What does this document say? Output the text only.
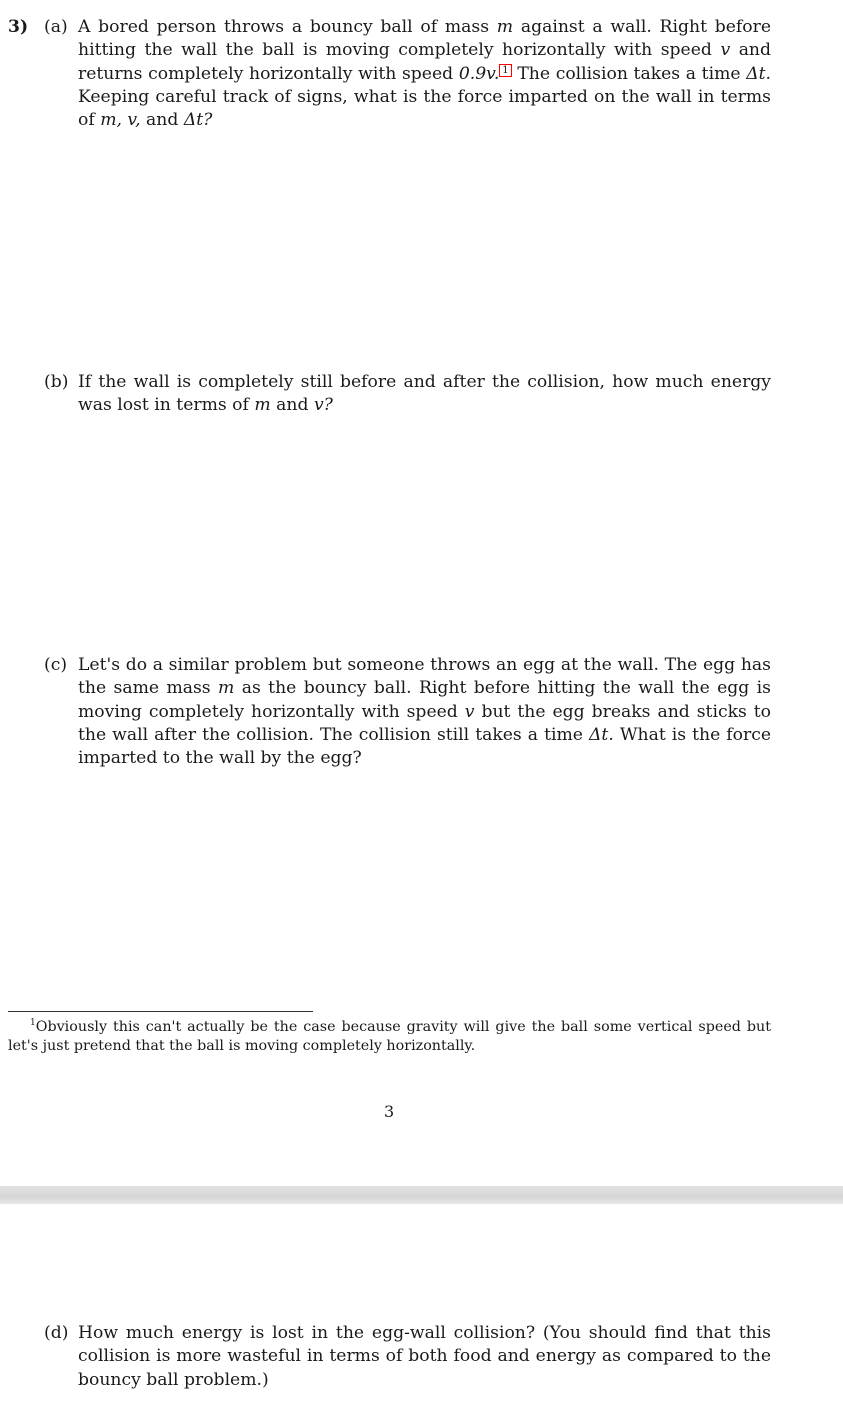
3) (a) A bored person throws a bouncy ball of mass m against a wall. Right before hitting the wall the ball is moving completely horizontally with speed v and returns completely horizontally with speed 0.9v. 1 The collision takes a time Δt. Keeping careful track of signs, what is the force imparted on the wall in terms of m, v, and Δt?
(b) If the wall is completely still before and after the collision, how much energy was lost in terms of m and v?
(c) Let's do a similar problem but someone throws an egg at the wall. The egg has the same mass m as the bouncy ball. Right before hitting the wall the egg is moving completely horizontally with speed v but the egg breaks and sticks to the wall after the collision. The collision still takes a time Δt. What is the force imparted to the wall by the egg?
$^1$Obviously this can't actually be the case because gravity will give the ball some vertical speed but let's just pretend that the ball is moving completely horizontally.
3
(d) How much energy is lost in the egg-wall collision? (You should find that this collision is more wasteful in terms of both food and energy as compared to the bouncy ball problem.)
